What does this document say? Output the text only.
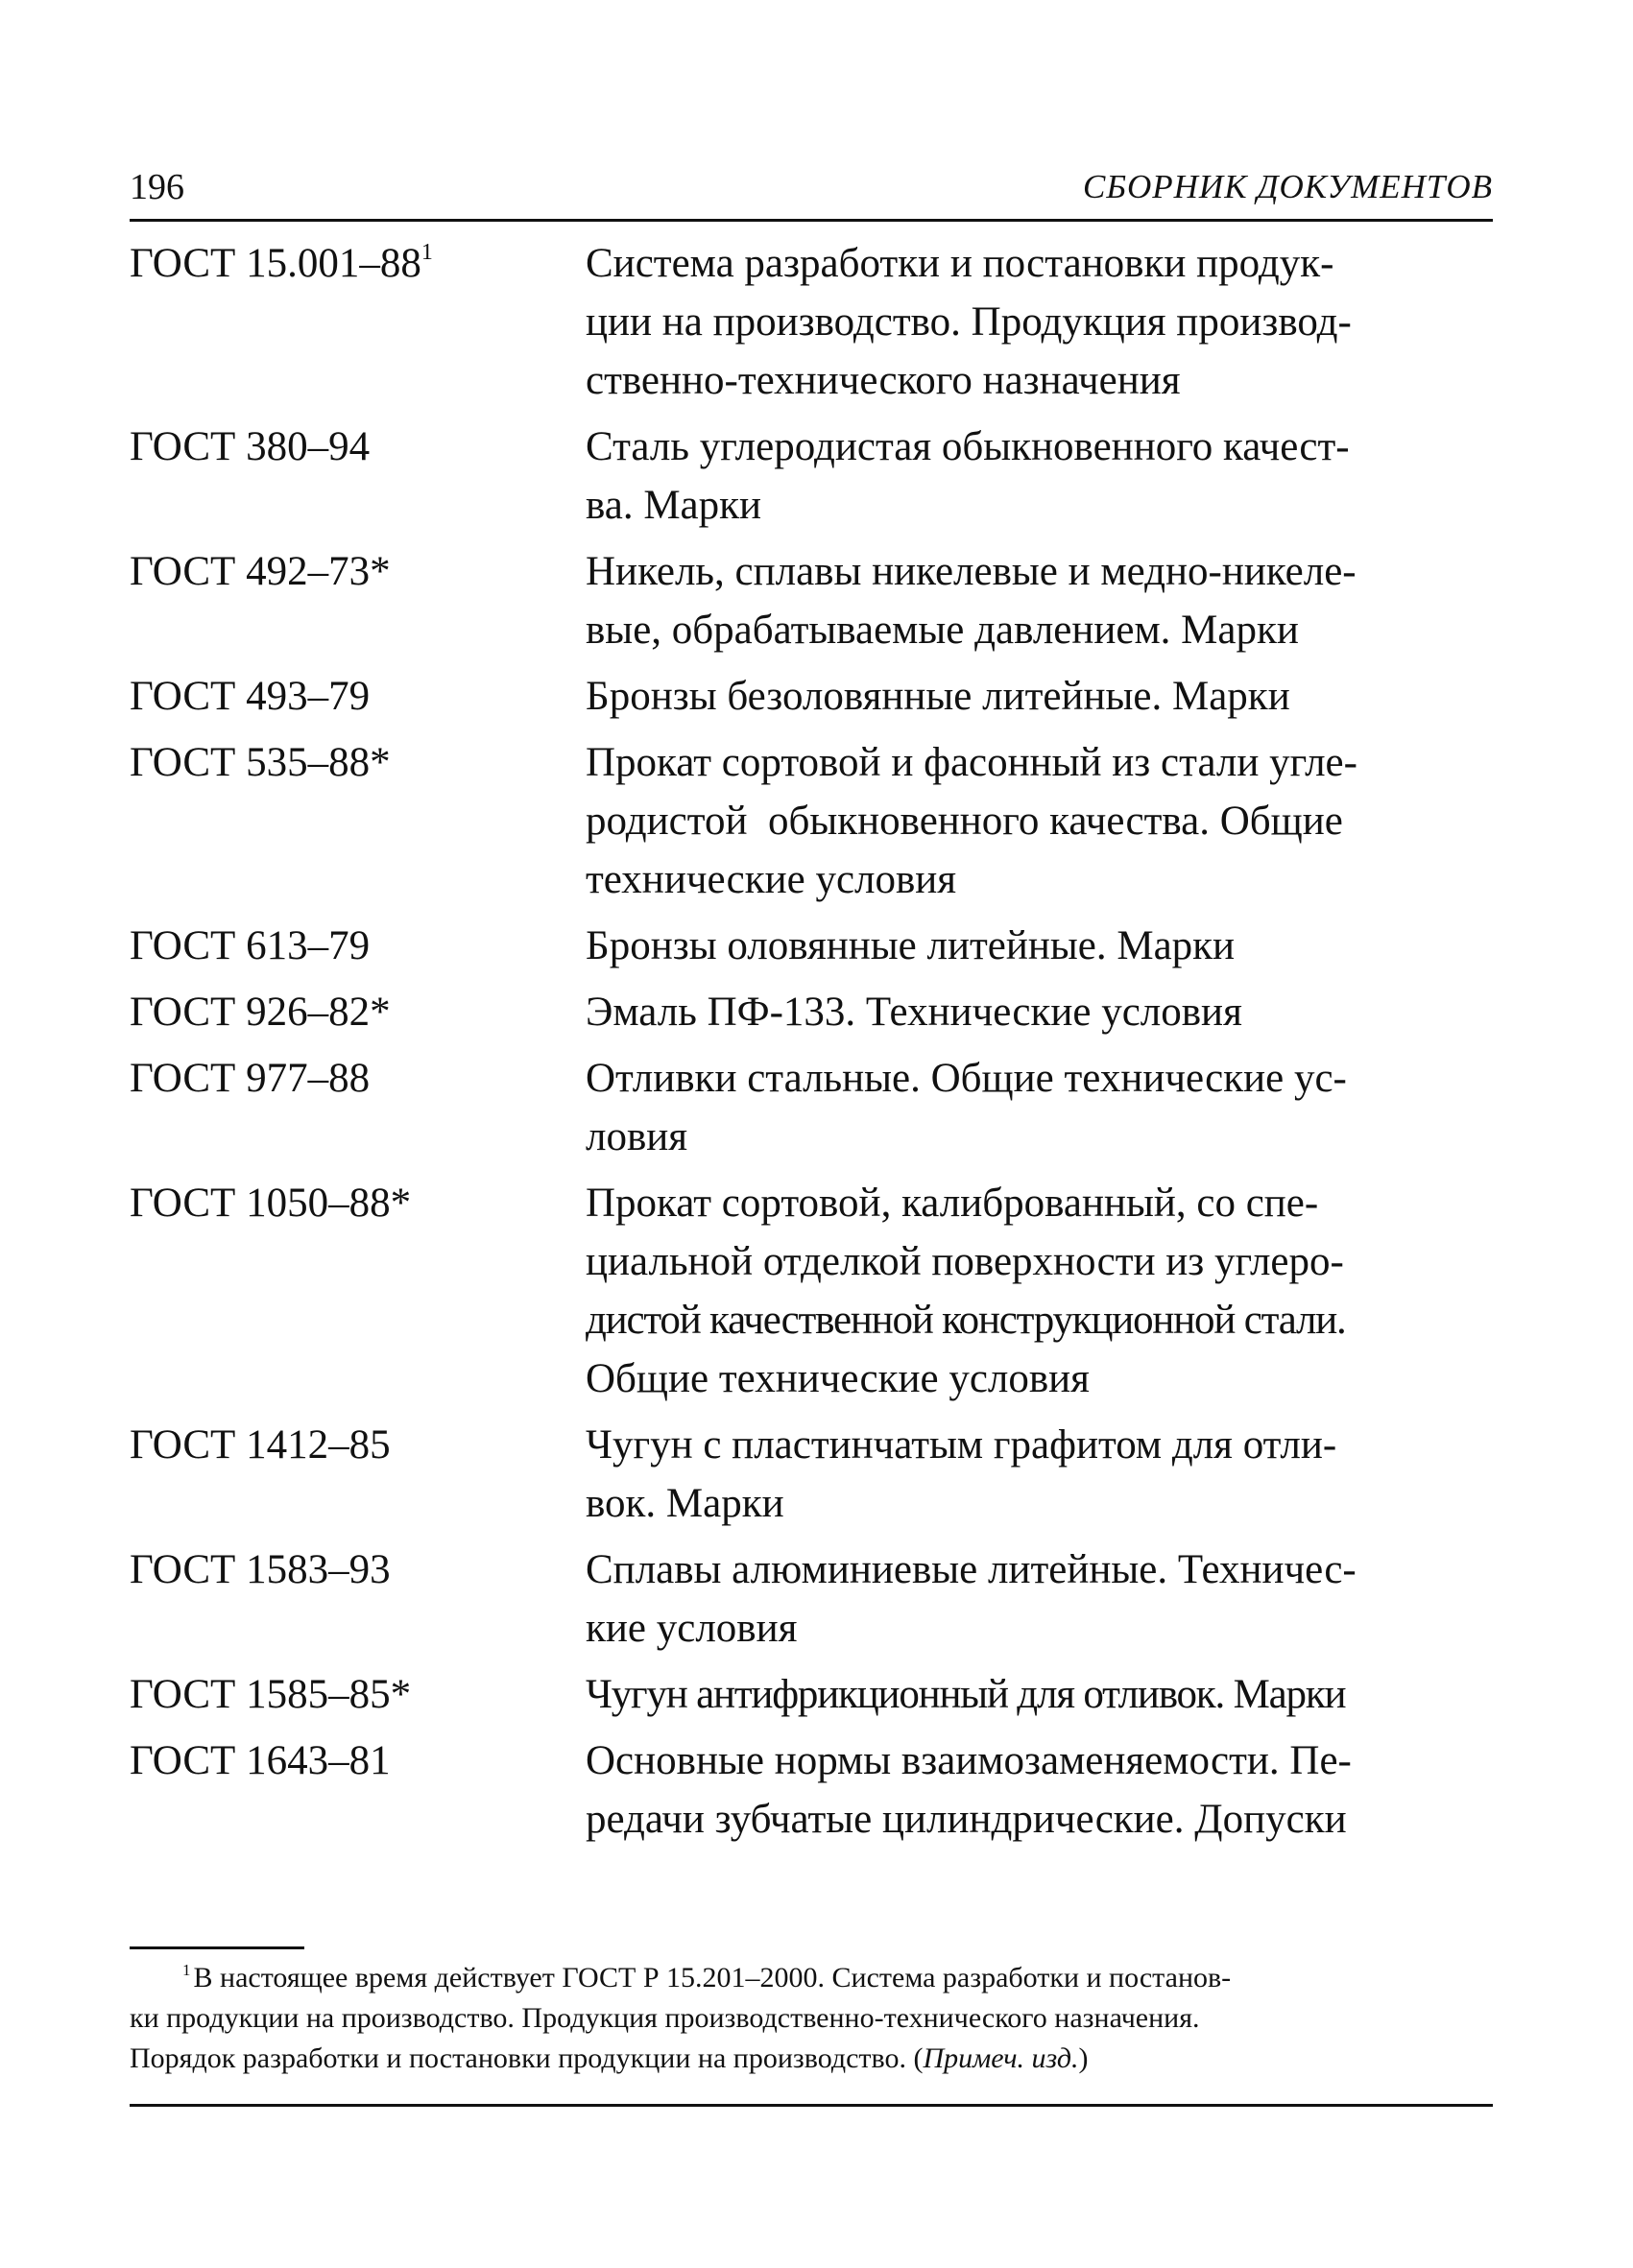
196	СБОРНИК ДОКУМЕНТОВ
ГОСТ $15.001-88^1$	Система разработки и постановки продук-
ции на производство. Продукция производ-
ственно-технического назначения
ГОСТ 380–94	Сталь углеродистая обыкновенного качест-
ва. Марки
ГОСТ 492–73*	Никель, сплавы никелевые и медно-никеле-
вые, обрабатываемые давлением. Марки
ГОСТ 493–79	Бронзы безоловянные литейные. Марки
ГОСТ 535–88*	Прокат сортовой и фасонный из стали угле-
родистой  обыкновенного качества. Общие
технические условия
ГОСТ 613–79	Бронзы оловянные литейные. Марки
ГОСТ 926–82*	Эмаль ПФ-133. Технические условия
ГОСТ 977–88	Отливки стальные. Общие технические ус-
ловия
ГОСТ 1050–88*	Прокат сортовой, калиброванный, со спе-
циальной отделкой поверхности из углеро-
дистой качественной конструкционной стали.
Общие технические условия
ГОСТ 1412–85	Чугун с пластинчатым графитом для отли-
вок. Марки
ГОСТ 1583–93	Сплавы алюминиевые литейные. Техничес-
кие условия
ГОСТ 1585–85*	Чугун антифрикционный для отливок. Марки
ГОСТ 1643–81	Основные нормы взаимозаменяемости. Пе-
редачи зубчатые цилиндрические. Допуски
$^1$ В настоящее время действует ГОСТ Р 15.201–2000. Система разработки и постанов-
ки продукции на производство. Продукция производственно-технического назначения.
Порядок разработки и постановки продукции на производство. (Примеч. изд.)
